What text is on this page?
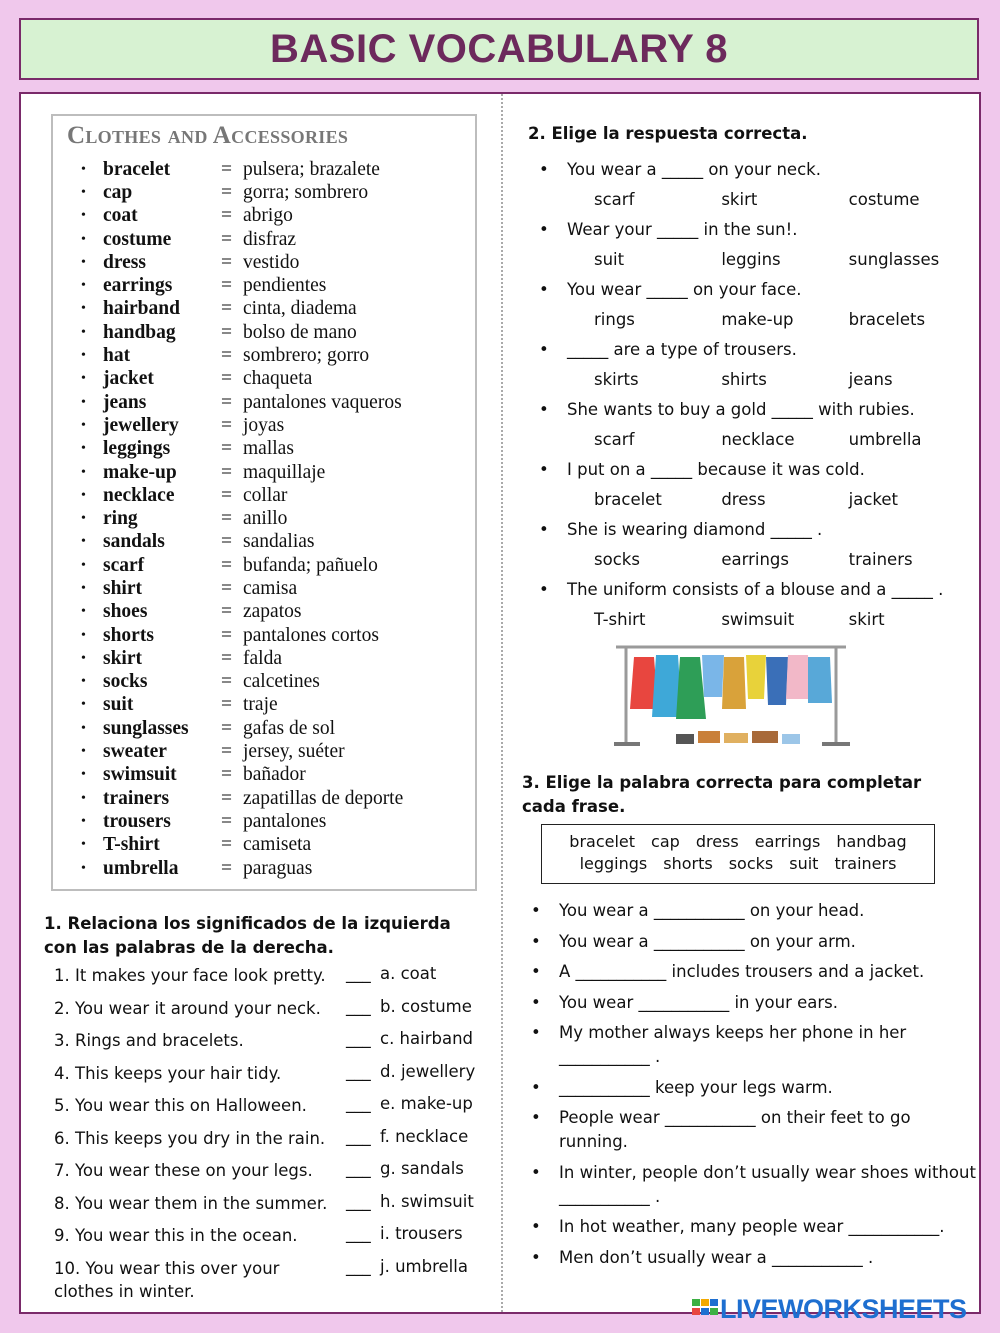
BASIC VOCABULARY 8
Clothes and Accessories
• bracelet	= pulsera; brazalete
• cap	= gorra; sombrero
• coat	= abrigo
• costume	= disfraz
• dress	= vestido
• earrings	= pendientes
• hairband	= cinta, diadema
• handbag	= bolso de mano
• hat	= sombrero; gorro
• jacket	= chaqueta
• jeans	= pantalones vaqueros
• jewellery	= joyas
• leggings	= mallas
• make-up	= maquillaje
• necklace	= collar
• ring	= anillo
• sandals	= sandalias
• scarf	= bufanda; pañuelo
• shirt	= camisa
• shoes	= zapatos
• shorts	= pantalones cortos
• skirt	= falda
• socks	= calcetines
• suit	= traje
• sunglasses	= gafas de sol
• sweater	= jersey, suéter
• swimsuit	= bañador
• trainers	= zapatillas de deporte
• trousers	= pantalones
• T-shirt	= camiseta
• umbrella	= paraguas
1. Relaciona los significados de la izquierda
con las palabras de la derecha.
1. It makes your face look pretty.	___ a. coat
2. You wear it around your neck.	___ b. costume
3. Rings and bracelets.	___ c. hairband
4. This keeps your hair tidy.	___ d. jewellery
5. You wear this on Halloween.	___ e. make-up
6. This keeps you dry in the rain.	___ f. necklace
7. You wear these on your legs.	___ g. sandals
8. You wear them in the summer.	___ h. swimsuit
9. You wear this in the ocean.	___ i. trousers
10. You wear this over your clothes in winter.
___ j. umbrella
2. Elige la respuesta correcta.
•	You wear a _____ on your neck.
scarf	skirt	costume
•	Wear your _____ in the sun!.
suit	leggins	sunglasses
•	You wear _____ on your face.
rings	make-up	bracelets
•	_____ are a type of trousers.
skirts	shirts	jeans
•	She wants to buy a gold _____ with rubies.
scarf	necklace	umbrella
•	I put on a _____ because it was cold.
bracelet	dress	jacket
•	She is wearing diamond _____ .
socks	earrings	trainers
•	The uniform consists of a blouse and a _____ .
T-shirt	swimsuit	skirt
3. Elige la palabra correcta para completar
cada frase.
bracelet cap dress earrings handbag
leggings shorts socks suit trainers
•	You wear a ___________ on your head.
•	You wear a ___________ on your arm.
•	A ___________ includes trousers and a jacket.
•	You wear ___________ in your ears.
•	My mother always keeps her phone in her ___________ .
•	___________ keep your legs warm.
•	People wear ___________ on their feet to go running.
•	In winter, people don’t usually wear shoes without ___________ .
•	In hot weather, many people wear ___________.
•	Men don’t usually wear a ___________ .
LIVEWORKSHEETS
